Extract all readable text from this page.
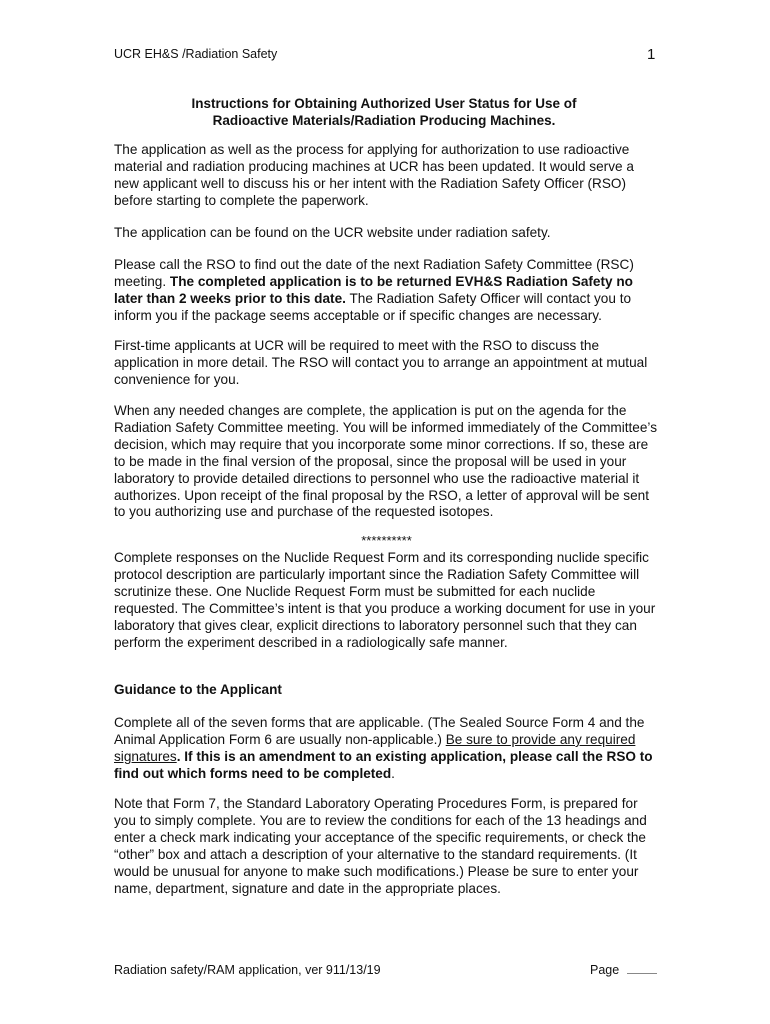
UCR EH&S /Radiation Safety	1
Instructions for Obtaining Authorized User Status for Use of
Radioactive Materials/Radiation Producing Machines.

The application as well as the process for applying for authorization to use radioactive material and radiation producing machines at UCR has been updated. It would serve a new applicant well to discuss his or her intent with the Radiation Safety Officer (RSO) before starting to complete the paperwork.

The application can be found on the UCR website under radiation safety.

Please call the RSO to find out the date of the next Radiation Safety Committee (RSC) meeting. The completed application is to be returned EVH&S Radiation Safety no later than 2 weeks prior to this date. The Radiation Safety Officer will contact you to inform you if the package seems acceptable or if specific changes are necessary.

First-time applicants at UCR will be required to meet with the RSO to discuss the application in more detail. The RSO will contact you to arrange an appointment at mutual convenience for you.

When any needed changes are complete, the application is put on the agenda for the Radiation Safety Committee meeting. You will be informed immediately of the Committee’s decision, which may require that you incorporate some minor corrections. If so, these are to be made in the final version of the proposal, since the proposal will be used in your laboratory to provide detailed directions to personnel who use the radioactive material it authorizes. Upon receipt of the final proposal by the RSO, a letter of approval will be sent to you authorizing use and purchase of the requested isotopes.

**********

Complete responses on the Nuclide Request Form and its corresponding nuclide specific protocol description are particularly important since the Radiation Safety Committee will scrutinize these. One Nuclide Request Form must be submitted for each nuclide requested. The Committee’s intent is that you produce a working document for use in your laboratory that gives clear, explicit directions to laboratory personnel such that they can perform the experiment described in a radiologically safe manner.

Guidance to the Applicant

Complete all of the seven forms that are applicable. (The Sealed Source Form 4 and the Animal Application Form 6 are usually non-applicable.) Be sure to provide any required signatures. If this is an amendment to an existing application, please call the RSO to find out which forms need to be completed.

Note that Form 7, the Standard Laboratory Operating Procedures Form, is prepared for you to simply complete. You are to review the conditions for each of the 13 headings and enter a check mark indicating your acceptance of the specific requirements, or check the “other” box and attach a description of your alternative to the standard requirements. (It would be unusual for anyone to make such modifications.) Please be sure to enter your name, department, signature and date in the appropriate places.

Radiation safety/RAM application, ver 911/13/19	Page
